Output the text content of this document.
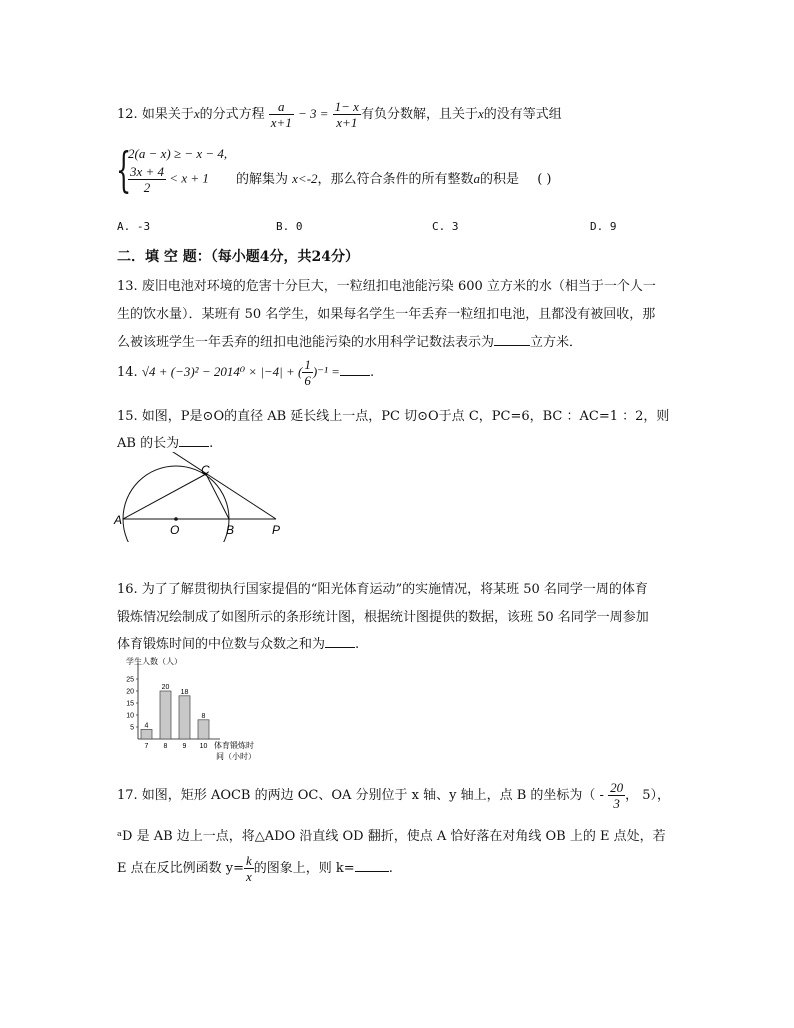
12. 如果关于x的分式方程 $\frac{a}{x+1} - 3 = \frac{1- x}{x+1}$ 有负分数解，且关于x的没有等式组
{
2(a − x) ≥ − x − 4,
$\frac{3x + 4}{2} < x + 1$ 的解集为 x<-2，那么符合条件的所有整数a的积是 ( )
A. -3	B. 0	C. 3	D. 9
二．填 空 题：（每小题4分，共24分）
13. 废旧电池对环境的危害十分巨大，一粒纽扣电池能污染 600 立方米的水（相当于一个人一
生的饮水量）．某班有 50 名学生，如果每名学生一年丢弃一粒纽扣电池，且都没有被回收，那
么被该班学生一年丢弃的纽扣电池能污染的水用科学记数法表示为	立方米．
14. √4 + (−3)² − 2014⁰ × |−4| + ( $\frac{1}{6} )^{-1}$ = .
15. 如图，P是⊙O的直径 AB 延长线上一点，PC 切⊙O于点 C，PC=6，BC ：AC=1 ：2，则
AB 的长为 .
A
O	B	P
C
16. 为了了解贯彻执行国家提倡的“阳光体育运动”的实施情况，将某班 50 名同学一周的体育
锻炼情况绘制成了如图所示的条形统计图，根据统计图提供的数据，该班 50 名同学一周参加
体育锻炼时间的中位数与众数之和为 .
学生人数（人）
5
10
15
20
25
4
7
20
8
18
9
8
10 体育锻炼时
间（小时）
17. 如图，矩形 AOCB 的两边 OC、OA 分别位于 x 轴、y 轴上，点 B 的坐标为（ - $\frac{20}{3}$ ， 5），
ᵃD 是 AB 边上一点，将△ADO 沿直线 OD 翻折，使点 A 恰好落在对角线 OB 上的 E 点处，若
E 点在反比例函数 $y= \frac{k}{x}$ 的图象上，则 k=	.
